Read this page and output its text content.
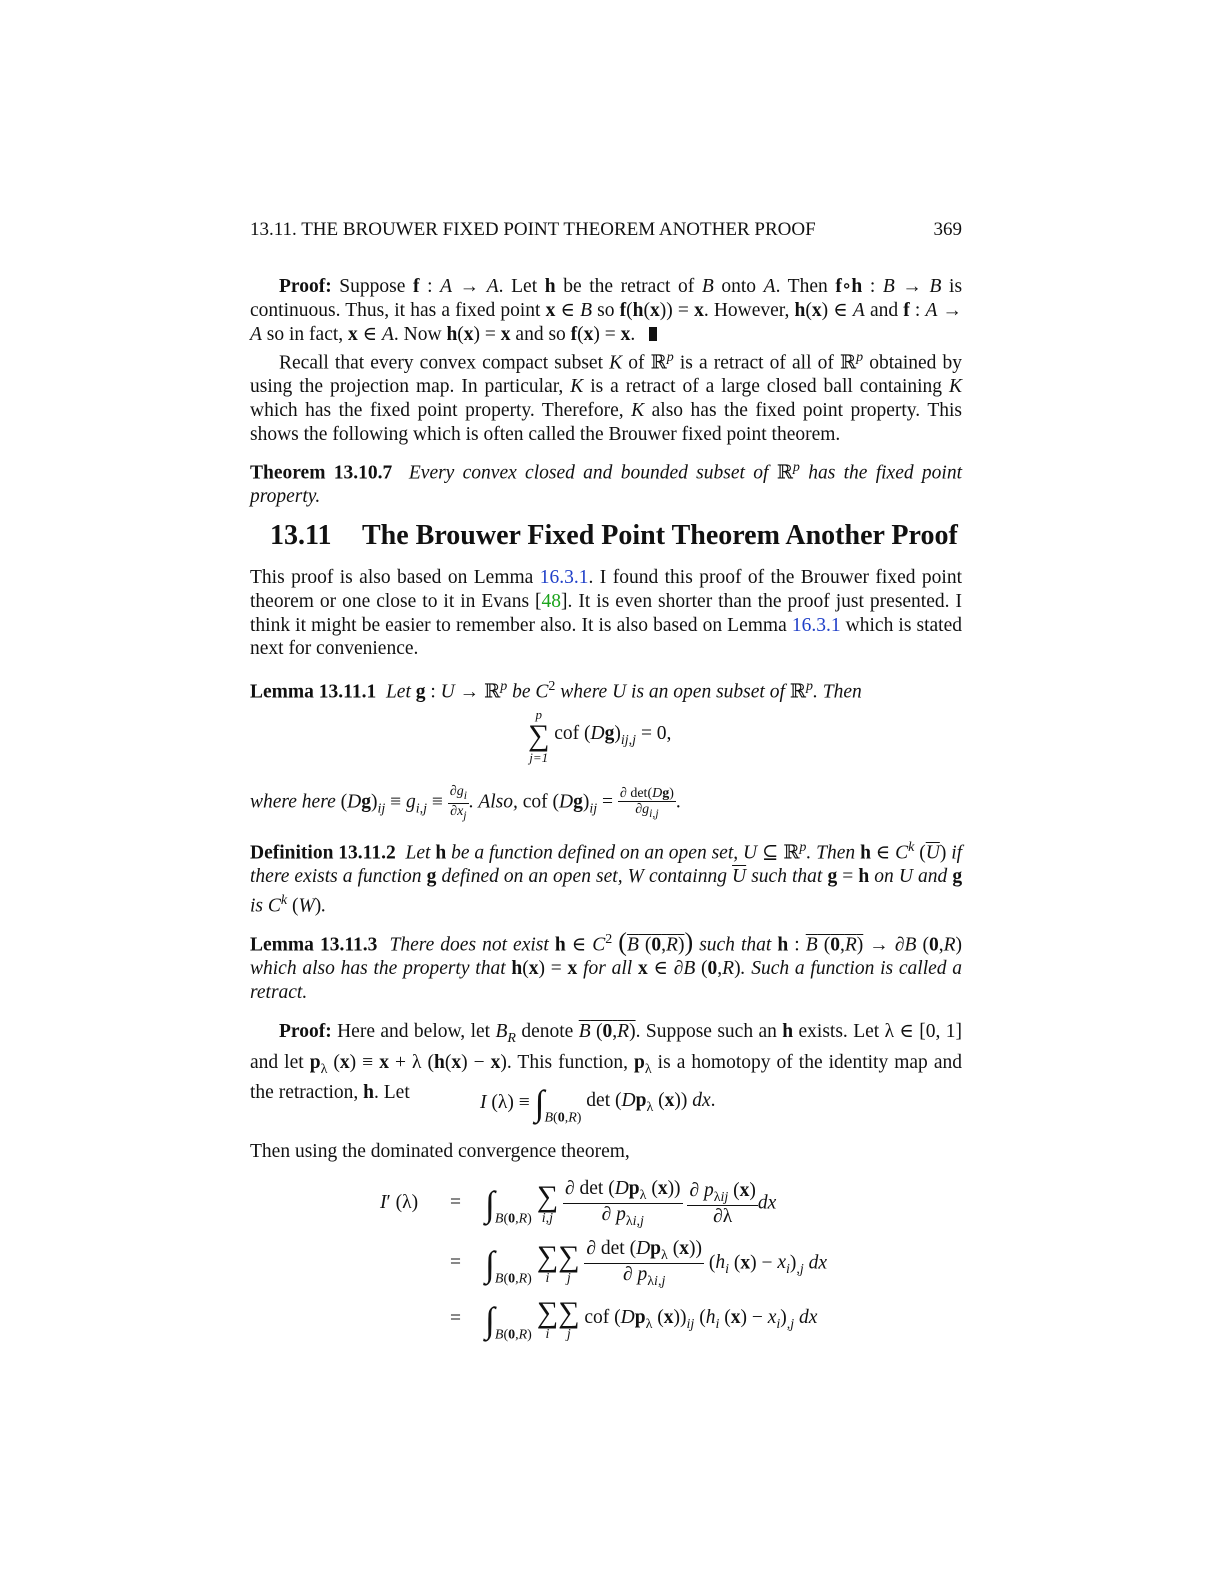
13.11. THE BROUWER FIXED POINT THEOREM ANOTHER PROOF	369
Proof: Suppose f : A → A. Let h be the retract of B onto A. Then f∘h : B → B is continuous. Thus, it has a fixed point x ∈ B so f(h(x)) = x. However, h(x) ∈ A and f : A → A so in fact, x ∈ A. Now h(x) = x and so f(x) = x.
Recall that every convex compact subset K of ℝ$^p$ is a retract of all of ℝ$^p$ obtained by using the projection map. In particular, K is a retract of a large closed ball containing K which has the fixed point property. Therefore, K also has the fixed point property. This shows the following which is often called the Brouwer fixed point theorem.
Theorem 13.10.7 Every convex closed and bounded subset of ℝ$^p$ has the fixed point property.
13.11 The Brouwer Fixed Point Theorem Another Proof
This proof is also based on Lemma 16.3.1. I found this proof of the Brouwer fixed point theorem or one close to it in Evans [48]. It is even shorter than the proof just presented. I think it might be easier to remember also. It is also based on Lemma 16.3.1 which is stated next for convenience.
Lemma 13.11.1 Let g : U → ℝ$^p$ be $C^2$ where U is an open subset of ℝ$^p$. Then
p
∑
j=1
cof $(Dg)_{ij,j} = 0$,
where here $(Dg)_{ij} \equiv g_{i,j} \equiv \frac{\partial g_i}{\partial x_j}$ . Also, cof $(Dg)_{ij} = \frac{\partial \det(Dg)}{\partial g_{i,j}}$ .
Definition 13.11.2 Let h be a function defined on an open set, U ⊆ ℝ$^p$. Then h ∈ $C^k$ $(\overline{U})$ if there exists a function g defined on an open set, W containng $\overline{U}$ such that g = h on U and g is $C^k$ (W).
Lemma 13.11.3 There does not exist h ∈ $C^2$ (B (0,R)) such that h : B (0,R) → ∂B (0,R) which also has the property that h(x) = x for all x ∈ ∂B (0,R). Such a function is called a retract.
Proof: Here and below, let $B_R$ denote B (0,R). Suppose such an h exists. Let λ ∈ [0, 1] and let $p_\lambda$ (x) ≡ x + λ (h(x) − x). This function, $p_\lambda$ is a homotopy of the identity map and the retraction, h. Let	I $(\lambda) \equiv \int_{B(0,R)}$ $\det (Dp_\lambda$ (x)) dx.
Then using the dominated convergence theorem,
I′ $(\lambda) = \int_{B(0,R)}$
∑
i,j
$\frac{\partial \det (Dp_\lambda (x))}{\partial p_{\lambda i,j}}$
$\frac{\partial p_{\lambda ij} (x)}{\partial\lambda}$ dx
= $\int_{B(0,R)}$
∑
i
∑
j
$\frac{\partial \det (Dp_\lambda (x))}{\partial p_{\lambda i,j}} (h_i$ $(x) - x_i)_{,j}$ dx
= $\int_{B(0,R)}$
∑
i
∑
j
cof ($Dp_\lambda$ $(x))_{ij}$ ($h_i$ $(x) - x_i)_{,j}$ dx
